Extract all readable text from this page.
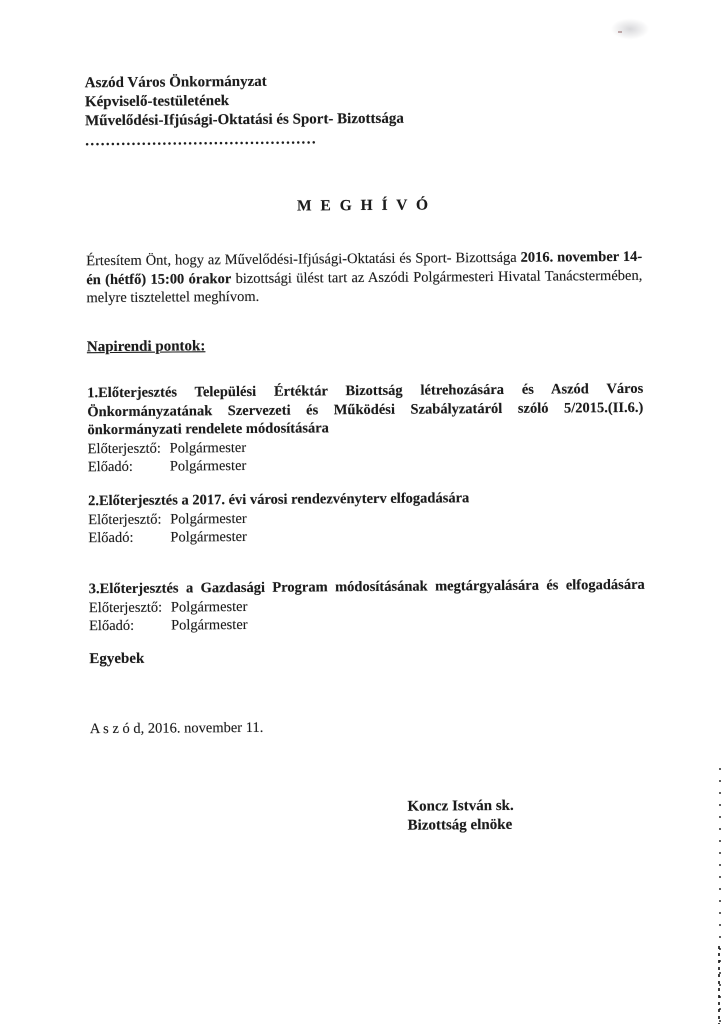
Aszód Város Önkormányzat
Képviselő-testületének
Művelődési-Ifjúsági-Oktatási és Sport- Bizottsága
.............................................
M E G H Í V Ó

Értesítem Önt, hogy az Művelődési-Ifjúsági-Oktatási és Sport- Bizottsága 2016. november 14-én (hétfő) 15:00 órakor bizottsági ülést tart az Aszódi Polgármesteri Hivatal Tanácstermében, melyre tisztelettel meghívom.

Napirendi pontok:

1.Előterjesztés Települési Értéktár Bizottság létrehozására és Aszód Város Önkormányzatának Szervezeti és Működési Szabályzatáról szóló 5/2015.(II.6.) önkormányzati rendelete módosítására

Előterjesztő: Polgármester
Előadó:	Polgármester

2.Előterjesztés a 2017. évi városi rendezvényterv elfogadására

Előterjesztő: Polgármester
Előadó:	Polgármester

3.Előterjesztés a Gazdasági Program módosításának megtárgyalására és elfogadására

Előterjesztő: Polgármester
Előadó:	Polgármester

Egyebek

A s z ó d, 2016. november 11.

Koncz István sk.
Bizottság elnöke
